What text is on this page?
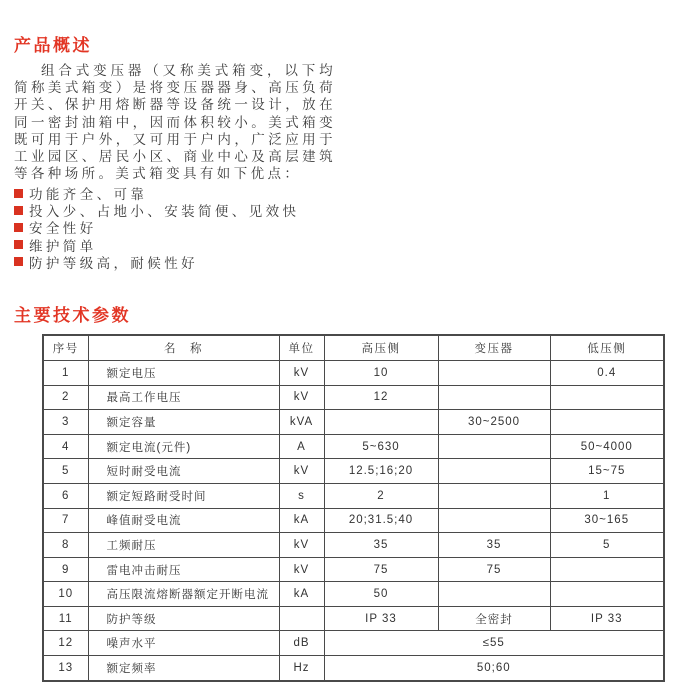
产品概述

组合式变压器（又称美式箱变，以下均简称美式箱变）是将变压器器身、高压负荷开关、保护用熔断器等设备统一设计，放在同一密封油箱中，因而体积较小。美式箱变既可用于户外，又可用于户内，广泛应用于工业园区、居民小区、商业中心及高层建筑等各种场所。美式箱变具有如下优点：

功能齐全、可靠
投入少、占地小、安装简便、见效快
安全性好
维护简单
防护等级高，耐候性好
主要技术参数
序号	名　称	单位	高压侧	变压器	低压侧
1	额定电压	kV	10		0.4
2	最高工作电压	kV	12		
3	额定容量	kVA		30~2500	
4	额定电流(元件)	A	5~630		50~4000
5	短时耐受电流	kV	12.5;16;20		15~75
6	额定短路耐受时间	s	2		1
7	峰值耐受电流	kA	20;31.5;40		30~165
8	工频耐压	kV	35	35	5
9	雷电冲击耐压	kV	75	75	
10	高压限流熔断器额定开断电流	kA	50		
11	防护等级		IP 33	全密封	IP 33
12	噪声水平	dB	≤55		
13	额定频率	Hz	50;60		
